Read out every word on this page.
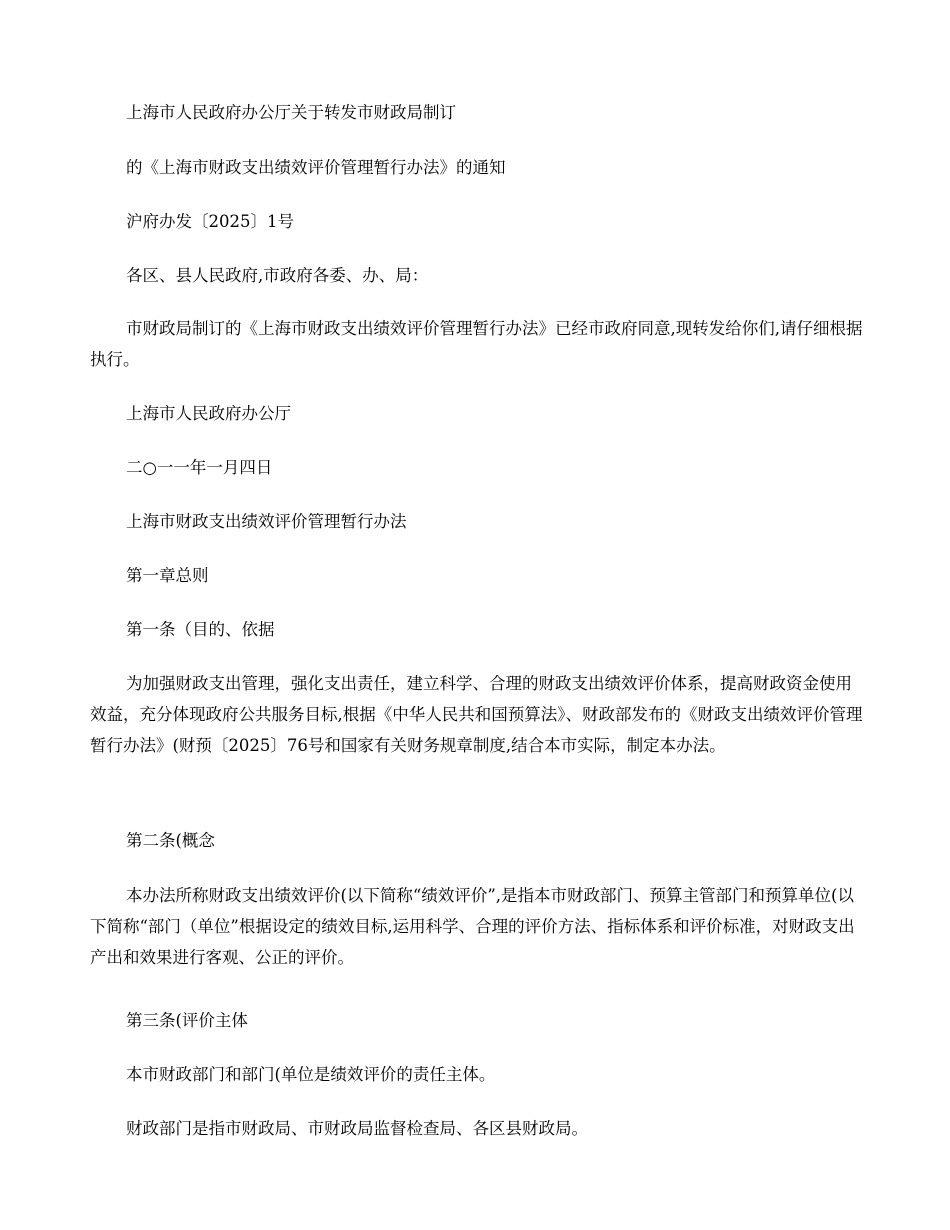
上海市人民政府办公厅关于转发市财政局制订

的《上海市财政支出绩效评价管理暂行办法》的通知

沪府办发〔2025〕1号

各区、县人民政府,市政府各委、办、局：

市财政局制订的《上海市财政支出绩效评价管理暂行办法》已经市政府同意,现转发给你们,请仔细根据执行。

上海市人民政府办公厅

二○一一年一月四日

上海市财政支出绩效评价管理暂行办法

第一章总则

第一条（目的、依据

为加强财政支出管理，强化支出责任，建立科学、合理的财政支出绩效评价体系，提高财政资金使用效益，充分体现政府公共服务目标,根据《中华人民共和国预算法》、财政部发布的《财政支出绩效评价管理暂行办法》(财预〔2025〕76号和国家有关财务规章制度,结合本市实际，制定本办法。

第二条(概念

本办法所称财政支出绩效评价(以下简称“绩效评价”,是指本市财政部门、预算主管部门和预算单位(以下简称“部门（单位”根据设定的绩效目标,运用科学、合理的评价方法、指标体系和评价标准，对财政支出产出和效果进行客观、公正的评价。

第三条(评价主体

本市财政部门和部门(单位是绩效评价的责任主体。

财政部门是指市财政局、市财政局监督检查局、各区县财政局。
